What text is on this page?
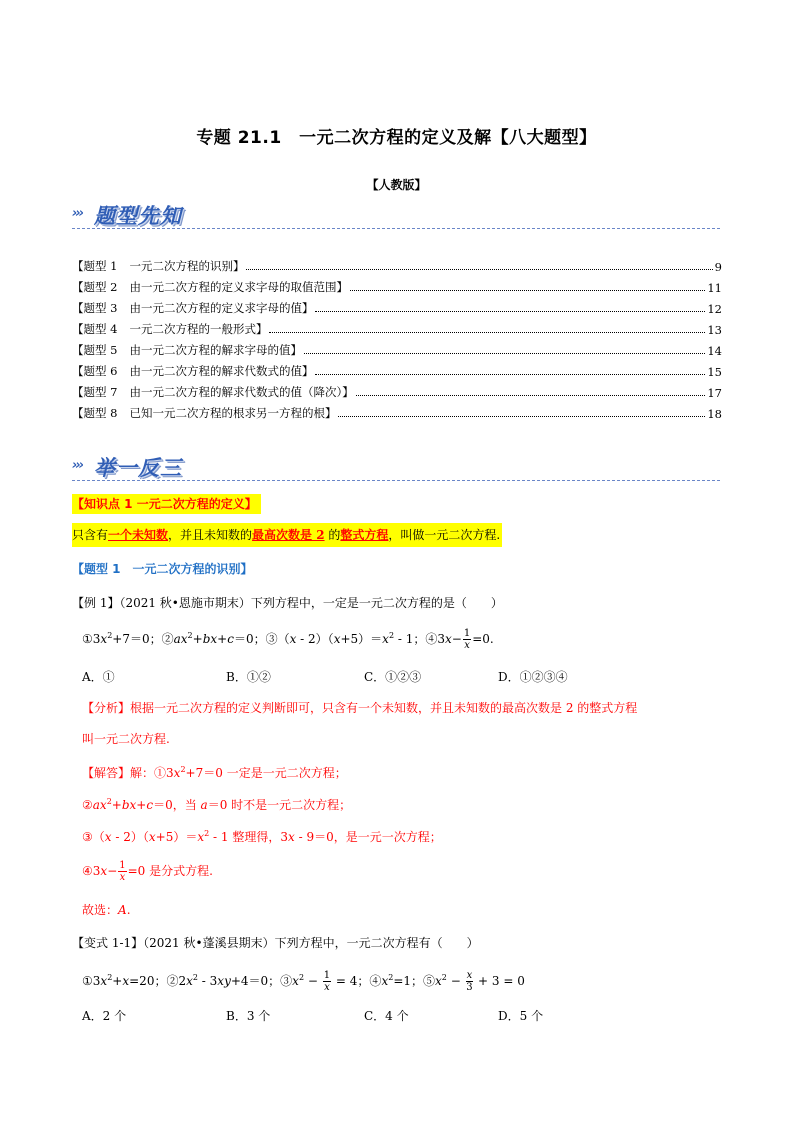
专题 21.1　一元二次方程的定义及解【八大题型】
【人教版】
››› 题型先知
【题型 1 一元二次方程的识别】	9
【题型 2 由一元二次方程的定义求字母的取值范围】	11
【题型 3 由一元二次方程的定义求字母的值】	12
【题型 4 一元二次方程的一般形式】	13
【题型 5 由一元二次方程的解求字母的值】	14
【题型 6 由一元二次方程的解求代数式的值】	15
【题型 7 由一元二次方程的解求代数式的值（降次）】	17
【题型 8 已知一元二次方程的根求另一方程的根】	18
››› 举一反三
【知识点 1 一元二次方程的定义】
只含有一个未知数，并且未知数的最高次数是 2 的整式方程，叫做一元二次方程.
【题型 1　一元二次方程的识别】
【例 1】（2021 秋•恩施市期末）下列方程中，一定是一元二次方程的是（　　）
$①3x^2+7=0$；$②ax^2+bx+c=0$；③（x - $2)(x+5)=x^2 - 1$；④3x− $\frac{1}{x} =0$.
A．①	B．①②	C．①②③	D．①②③④
【分析】根据一元二次方程的定义判断即可，只含有一个未知数，并且未知数的最高次数是 2 的整式方程
叫一元二次方程.
【解答】解：$①3x^2+7=0$ 一定是一元二次方程；
$②ax^2+bx+c=0$，当 a＝0 时不是一元二次方程；
③（x - $2)(x+5)=x^2 - 1$ 整理得，3x - 9＝0，是一元一次方程；
④3x− $\frac{1}{x} =0$ 是分式方程.
故选：A.
【变式 1-1】（2021 秋•蓬溪县期末）下列方程中，一元二次方程有（　　）
$①3x^2+x=20$；$②2x^2 - 3xy+4=0$；$③x^2 - \frac{1}{x} = 4$；$④x^2=1$；$⑤x^2 - \frac{x}{3} + 3 = 0$
A．2 个	B．3 个	C．4 个	D．5 个
